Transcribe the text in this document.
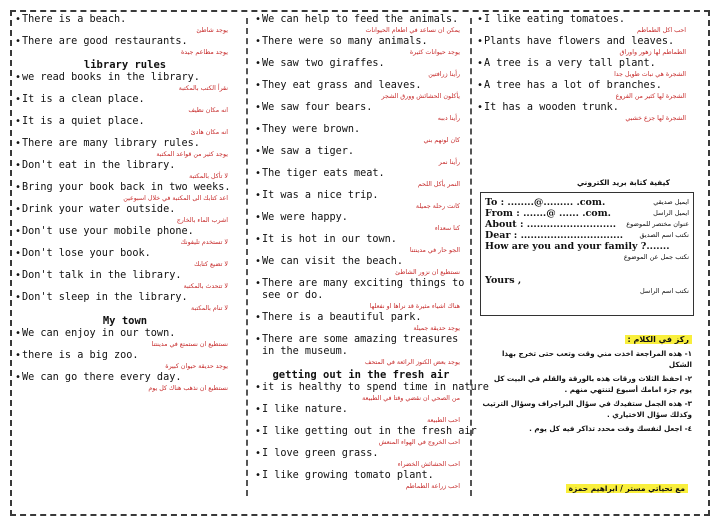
• There is a beach.
يوجد شاطئ
• There are good restaurants.
يوجد مطاعم جيدة
library rules
• we read books in the library.
نقرأ الكتب بالمكتبة
• It is a clean place.
انه مكان نظيف
• It is a quiet place.
انه مكان هادئ
• There are many library rules.
يوجد كثير من قواعد المكتبة
• Don't eat in the library.
لا تأكل بالمكتبة
• Bring your book back in two weeks.
اعد كتابك الى المكتبة في خلال اسبوعين
• Drink your water outside.
اشرب الماء بالخارج
• Don't use your mobile phone.
لا تستخدم تليفونك
• Don't lose your book.
لا تضيع كتابك
• Don't talk in the library.
لا تتحدث بالمكتبة
• Don't sleep in the library.
لا تنام بالمكتبة
My town
• We can enjoy in our town.
نستطيع ان نستمتع في مدينتنا
• there is a big zoo.
يوجد حديقة حيوان كبيرة
• We can go there every day.
نستطيع ان نذهب هناك كل يوم
• We can help to feed the animals.
يمكن ان نساعد في اطعام الحيوانات
• There were so many animals.
يوجد حيوانات كثيرة
• We saw two giraffes.
رأينا زرافتين
• They eat grass and leaves.
يأكلون الحشائش وورق الشجر
• We saw four bears.
رأينا دببه
• They were brown.
كان لونهم بني
• We saw a tiger.
رأينا نمر
• The tiger eats meat.
النمر يأكل اللحم
• It was a nice trip.
كانت رحلة جميلة
• We were happy.
كنا سعداء
• It is hot in our town.
الجو حار في مدينتنا
• We can visit the beach.
نستطيع ان نزور الشاطئ
• There are many exciting things to see or do.
هناك اشياء مثيرة قد نراها او نفعلها
• There is a beautiful park.
يوجد حديقة جميلة
• There are some amazing treasures in the museum.
يوجد بعض الكنوز الرائعة في المتحف
getting out in the fresh air
• it is healthy to spend time in nature
من الصحي ان نقضي وقتا في الطبيعة
• I like nature.
احب الطبيعة
• I like getting out in the fresh air
احب الخروج في الهواء المنعش
• I love green grass.
احب الحشائش الخضراء
• I like growing tomato plant.
احب زراعة الطماطم
• I like eating tomatoes.
احب اكل الطماطم
• Plants have flowers and leaves.
الطماطم لها زهور واوراق
• A tree is a very tall plant.
الشجرة هي نبات طويل جدا
• A tree has a lot of branches.
الشجرة لها كثير من الفروع
• It has a wooden trunk.
الشجرة لها جزع خشبي
كيفية كتابة بريد الكتروني
To : ........@......... .com.	ايميل صديقي
From : .......@ ...... .com.	ايميل الراسل
About : ........................... عنوان مختصر للموضوع
Dear : ...............................	نكتب اسم الصديق
How are you and your family ?.......
نكتب جمل عن الموضوع
Yours ,
نكتب اسم الراسل
ركز في الكلام :
١- هذه المراجعة اخذت مني وقت وتعب حتى تخرج بهذا الشكل
٢- احفظ الثلاث ورقات هذه بالورقة والقلم في البيت كل يوم جزء امامك أسبوع لتنتهي منهم .
٣- هذه الجمل ستفيدك في سؤال البراجراف وسؤال الترتيب وكذلك سؤال الاختياري .
٤- اجعل لنفسك وقت محدد تذاكر فيه كل يوم .
مع تحياتي مستر / ابراهيم حمزة
